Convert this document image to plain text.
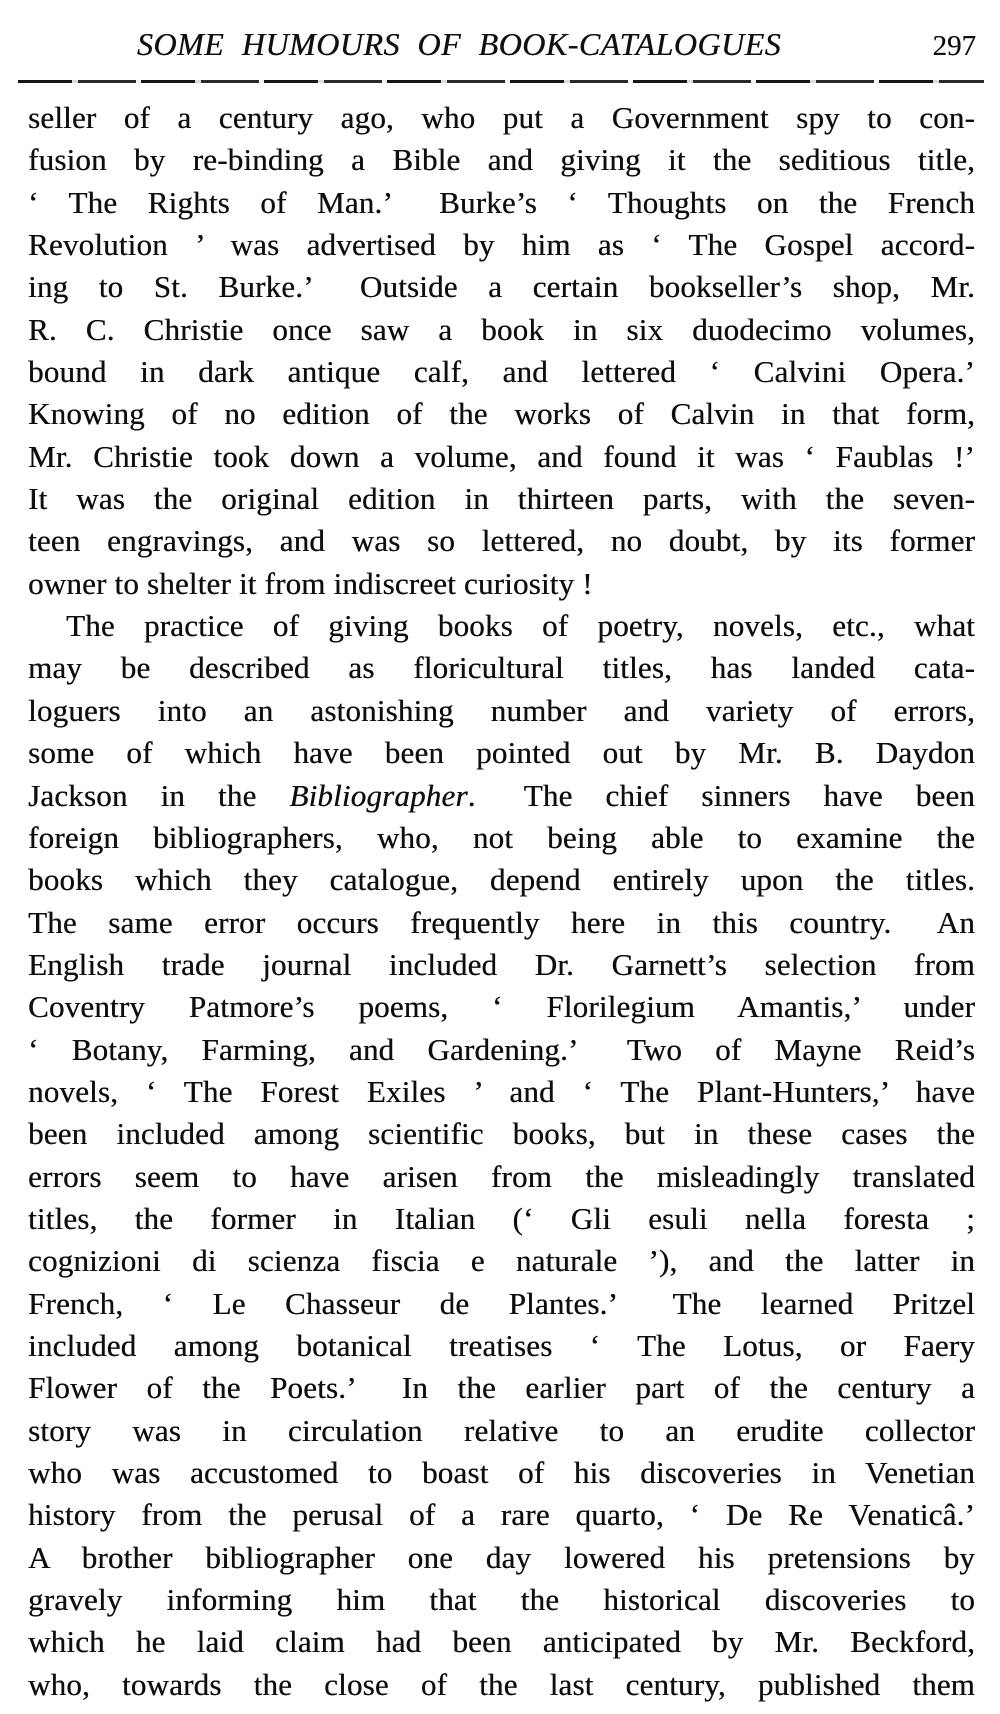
SOME HUMOURS OF BOOK-CATALOGUES	297
seller of a century ago, who put a Government spy to con-
fusion by re-binding a Bible and giving it the seditious title,
‘ The Rights of Man.’  Burke’s ‘ Thoughts on the French
Revolution ’ was advertised by him as ‘ The Gospel accord-
ing to St. Burke.’  Outside a certain bookseller’s shop, Mr.
R. C. Christie once saw a book in six duodecimo volumes,
bound in dark antique calf, and lettered ‘ Calvini Opera.’
Knowing of no edition of the works of Calvin in that form,
Mr. Christie took down a volume, and found it was ‘ Faublas !’
It was the original edition in thirteen parts, with the seven-
teen engravings, and was so lettered, no doubt, by its former
owner to shelter it from indiscreet curiosity !
The practice of giving books of poetry, novels, etc., what
may be described as floricultural titles, has landed cata-
loguers into an astonishing number and variety of errors,
some of which have been pointed out by Mr. B. Daydon
Jackson in the Bibliographer.  The chief sinners have been
foreign bibliographers, who, not being able to examine the
books which they catalogue, depend entirely upon the titles.
The same error occurs frequently here in this country.  An
English trade journal included Dr. Garnett’s selection from
Coventry Patmore’s poems, ‘ Florilegium Amantis,’ under
‘ Botany, Farming, and Gardening.’  Two of Mayne Reid’s
novels, ‘ The Forest Exiles ’ and ‘ The Plant-Hunters,’ have
been included among scientific books, but in these cases the
errors seem to have arisen from the misleadingly translated
titles, the former in Italian (‘ Gli esuli nella foresta ;
cognizioni di scienza fiscia e naturale ’), and the latter in
French, ‘ Le Chasseur de Plantes.’  The learned Pritzel
included among botanical treatises ‘ The Lotus, or Faery
Flower of the Poets.’  In the earlier part of the century a
story was in circulation relative to an erudite collector
who was accustomed to boast of his discoveries in Venetian
history from the perusal of a rare quarto, ‘ De Re Venaticâ.’
A brother bibliographer one day lowered his pretensions by
gravely informing him that the historical discoveries to
which he laid claim had been anticipated by Mr. Beckford,
who, towards the close of the last century, published them
